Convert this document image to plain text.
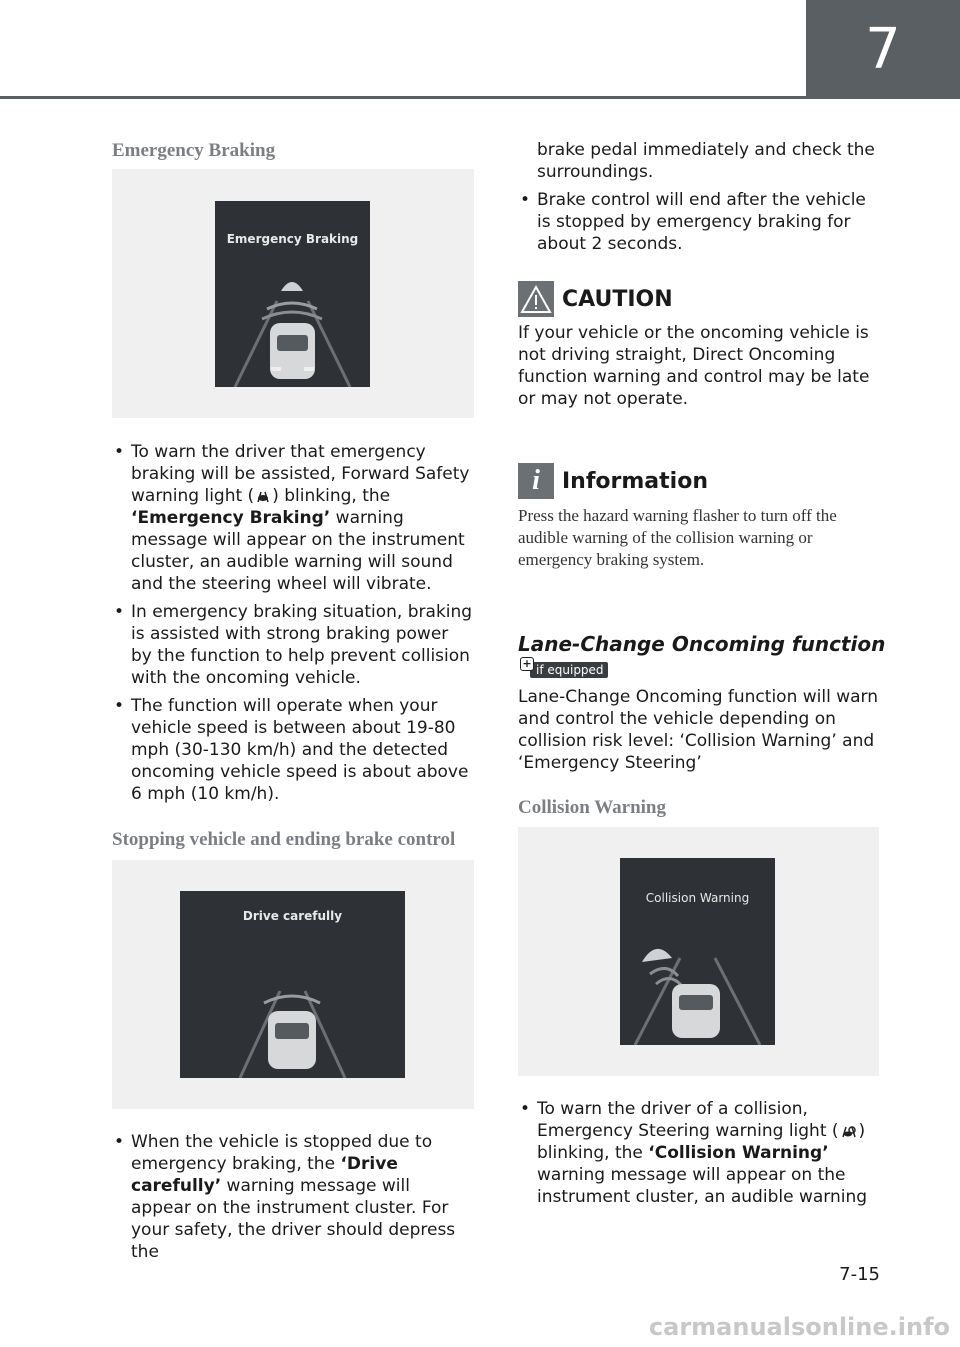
7
Emergency Braking
Emergency Braking
• To warn the driver that emergency braking will be assisted, Forward Safety warning light ( ) blinking, the ‘Emergency Braking’ warning message will appear on the instrument cluster, an audible warning will sound and the steering wheel will vibrate.
• In emergency braking situation, braking is assisted with strong braking power by the function to help prevent collision with the oncoming vehicle.
• The function will operate when your vehicle speed is between about 19-80 mph (30-130 km/h) and the detected oncoming vehicle speed is about above 6 mph (10 km/h).
Stopping vehicle and ending brake control
Drive carefully
• When the vehicle is stopped due to emergency braking, the ‘Drive carefully’ warning message will appear on the instrument cluster. For your safety, the driver should depress the
brake pedal immediately and check the surroundings.
• Brake control will end after the vehicle is stopped by emergency braking for about 2 seconds.
CAUTION
If your vehicle or the oncoming vehicle is not driving straight, Direct Oncoming function warning and control may be late or may not operate.
i	Information
Press the hazard warning flasher to turn off the audible warning of the collision warning or emergency braking system.
Lane-Change Oncoming function
+ if equipped
Lane-Change Oncoming function will warn and control the vehicle depending on collision risk level: ‘Collision Warning’ and ‘Emergency Steering’
Collision Warning
Collision Warning
• To warn the driver of a collision, Emergency Steering warning light ( ) blinking, the ‘Collision Warning’ warning message will appear on the instrument cluster, an audible warning
7-15
carmanualsonline.info
